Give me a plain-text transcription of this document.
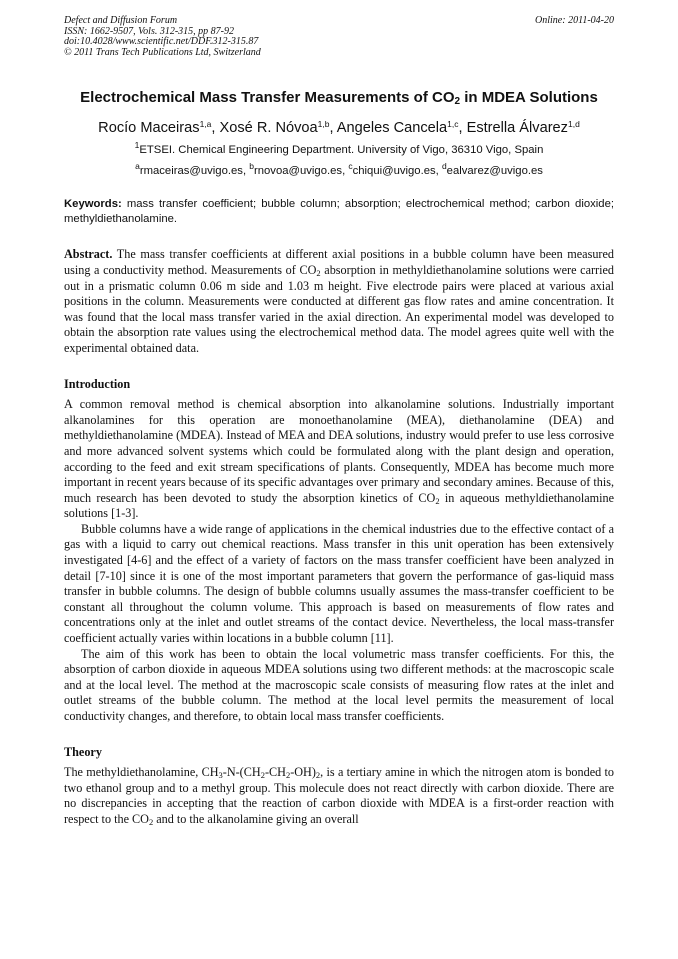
Defect and Diffusion Forum
ISSN: 1662-9507, Vols. 312-315, pp 87-92
doi:10.4028/www.scientific.net/DDF.312-315.87
© 2011 Trans Tech Publications Ltd, Switzerland
Online: 2011-04-20
Electrochemical Mass Transfer Measurements of $CO_2$ in MDEA Solutions
Rocío Maceiras$^{1,a}$, Xosé R. Nóvoa$^{1,b}$, Angeles Cancela$^{1,c}$, Estrella Álvarez$^{1,d}$
$^1$ETSEI. Chemical Engineering Department. University of Vigo, 36310 Vigo, Spain
$^a$rmaceiras@uvigo.es, $^b$rnovoa@uvigo.es, $^c$chiqui@uvigo.es, $^d$ealvarez@uvigo.es
Keywords: mass transfer coefficient; bubble column; absorption; electrochemical method; carbon dioxide; methyldiethanolamine.
Abstract. The mass transfer coefficients at different axial positions in a bubble column have been measured using a conductivity method. Measurements of CO2 absorption in methyldiethanolamine solutions were carried out in a prismatic column 0.06 m side and 1.03 m height. Five electrode pairs were placed at various axial positions in the column. Measurements were conducted at different gas flow rates and amine concentration. It was found that the local mass transfer varied in the axial direction. An experimental model was developed to obtain the absorption rate values using the electrochemical method data. The model agrees quite well with the experimental obtained data.
Introduction

A common removal method is chemical absorption into alkanolamine solutions. Industrially important alkanolamines for this operation are monoethanolamine (MEA), diethanolamine (DEA) and methyldiethanolamine (MDEA). Instead of MEA and DEA solutions, industry would prefer to use less corrosive and more advanced solvent systems which could be formulated along with the plant design and operation, according to the feed and exit stream specifications of plants. Consequently, MDEA has become much more important in recent years because of its specific advantages over primary and secondary amines. Because of this, much research has been devoted to study the absorption kinetics of CO2 in aqueous methyldiethanolamine solutions [1-3].

Bubble columns have a wide range of applications in the chemical industries due to the effective contact of a gas with a liquid to carry out chemical reactions. Mass transfer in this unit operation has been extensively investigated [4-6] and the effect of a variety of factors on the mass transfer coefficient have been analyzed in detail [7-10] since it is one of the most important parameters that govern the performance of gas-liquid mass transfer in bubble columns. The design of bubble columns usually assumes the mass-transfer coefficient to be constant all throughout the column volume. This approach is based on measurements of flow rates and concentrations only at the inlet and outlet streams of the contact device. Nevertheless, the local mass-transfer coefficient actually varies within locations in a bubble column [11].

The aim of this work has been to obtain the local volumetric mass transfer coefficients. For this, the absorption of carbon dioxide in aqueous MDEA solutions using two different methods: at the macroscopic scale and at the local level. The method at the macroscopic scale consists of measuring flow rates at the inlet and outlet streams of the bubble column. The method at the local level permits the measurement of local conductivity changes, and therefore, to obtain local mass transfer coefficients.

Theory

The methyldiethanolamine, CH3-N-(CH2-CH2-OH)2, is a tertiary amine in which the nitrogen atom is bonded to two ethanol group and to a methyl group. This molecule does not react directly with carbon dioxide. There are no discrepancies in accepting that the reaction of carbon dioxide with MDEA is a first-order reaction with respect to the CO2 and to the alkanolamine giving an overall
